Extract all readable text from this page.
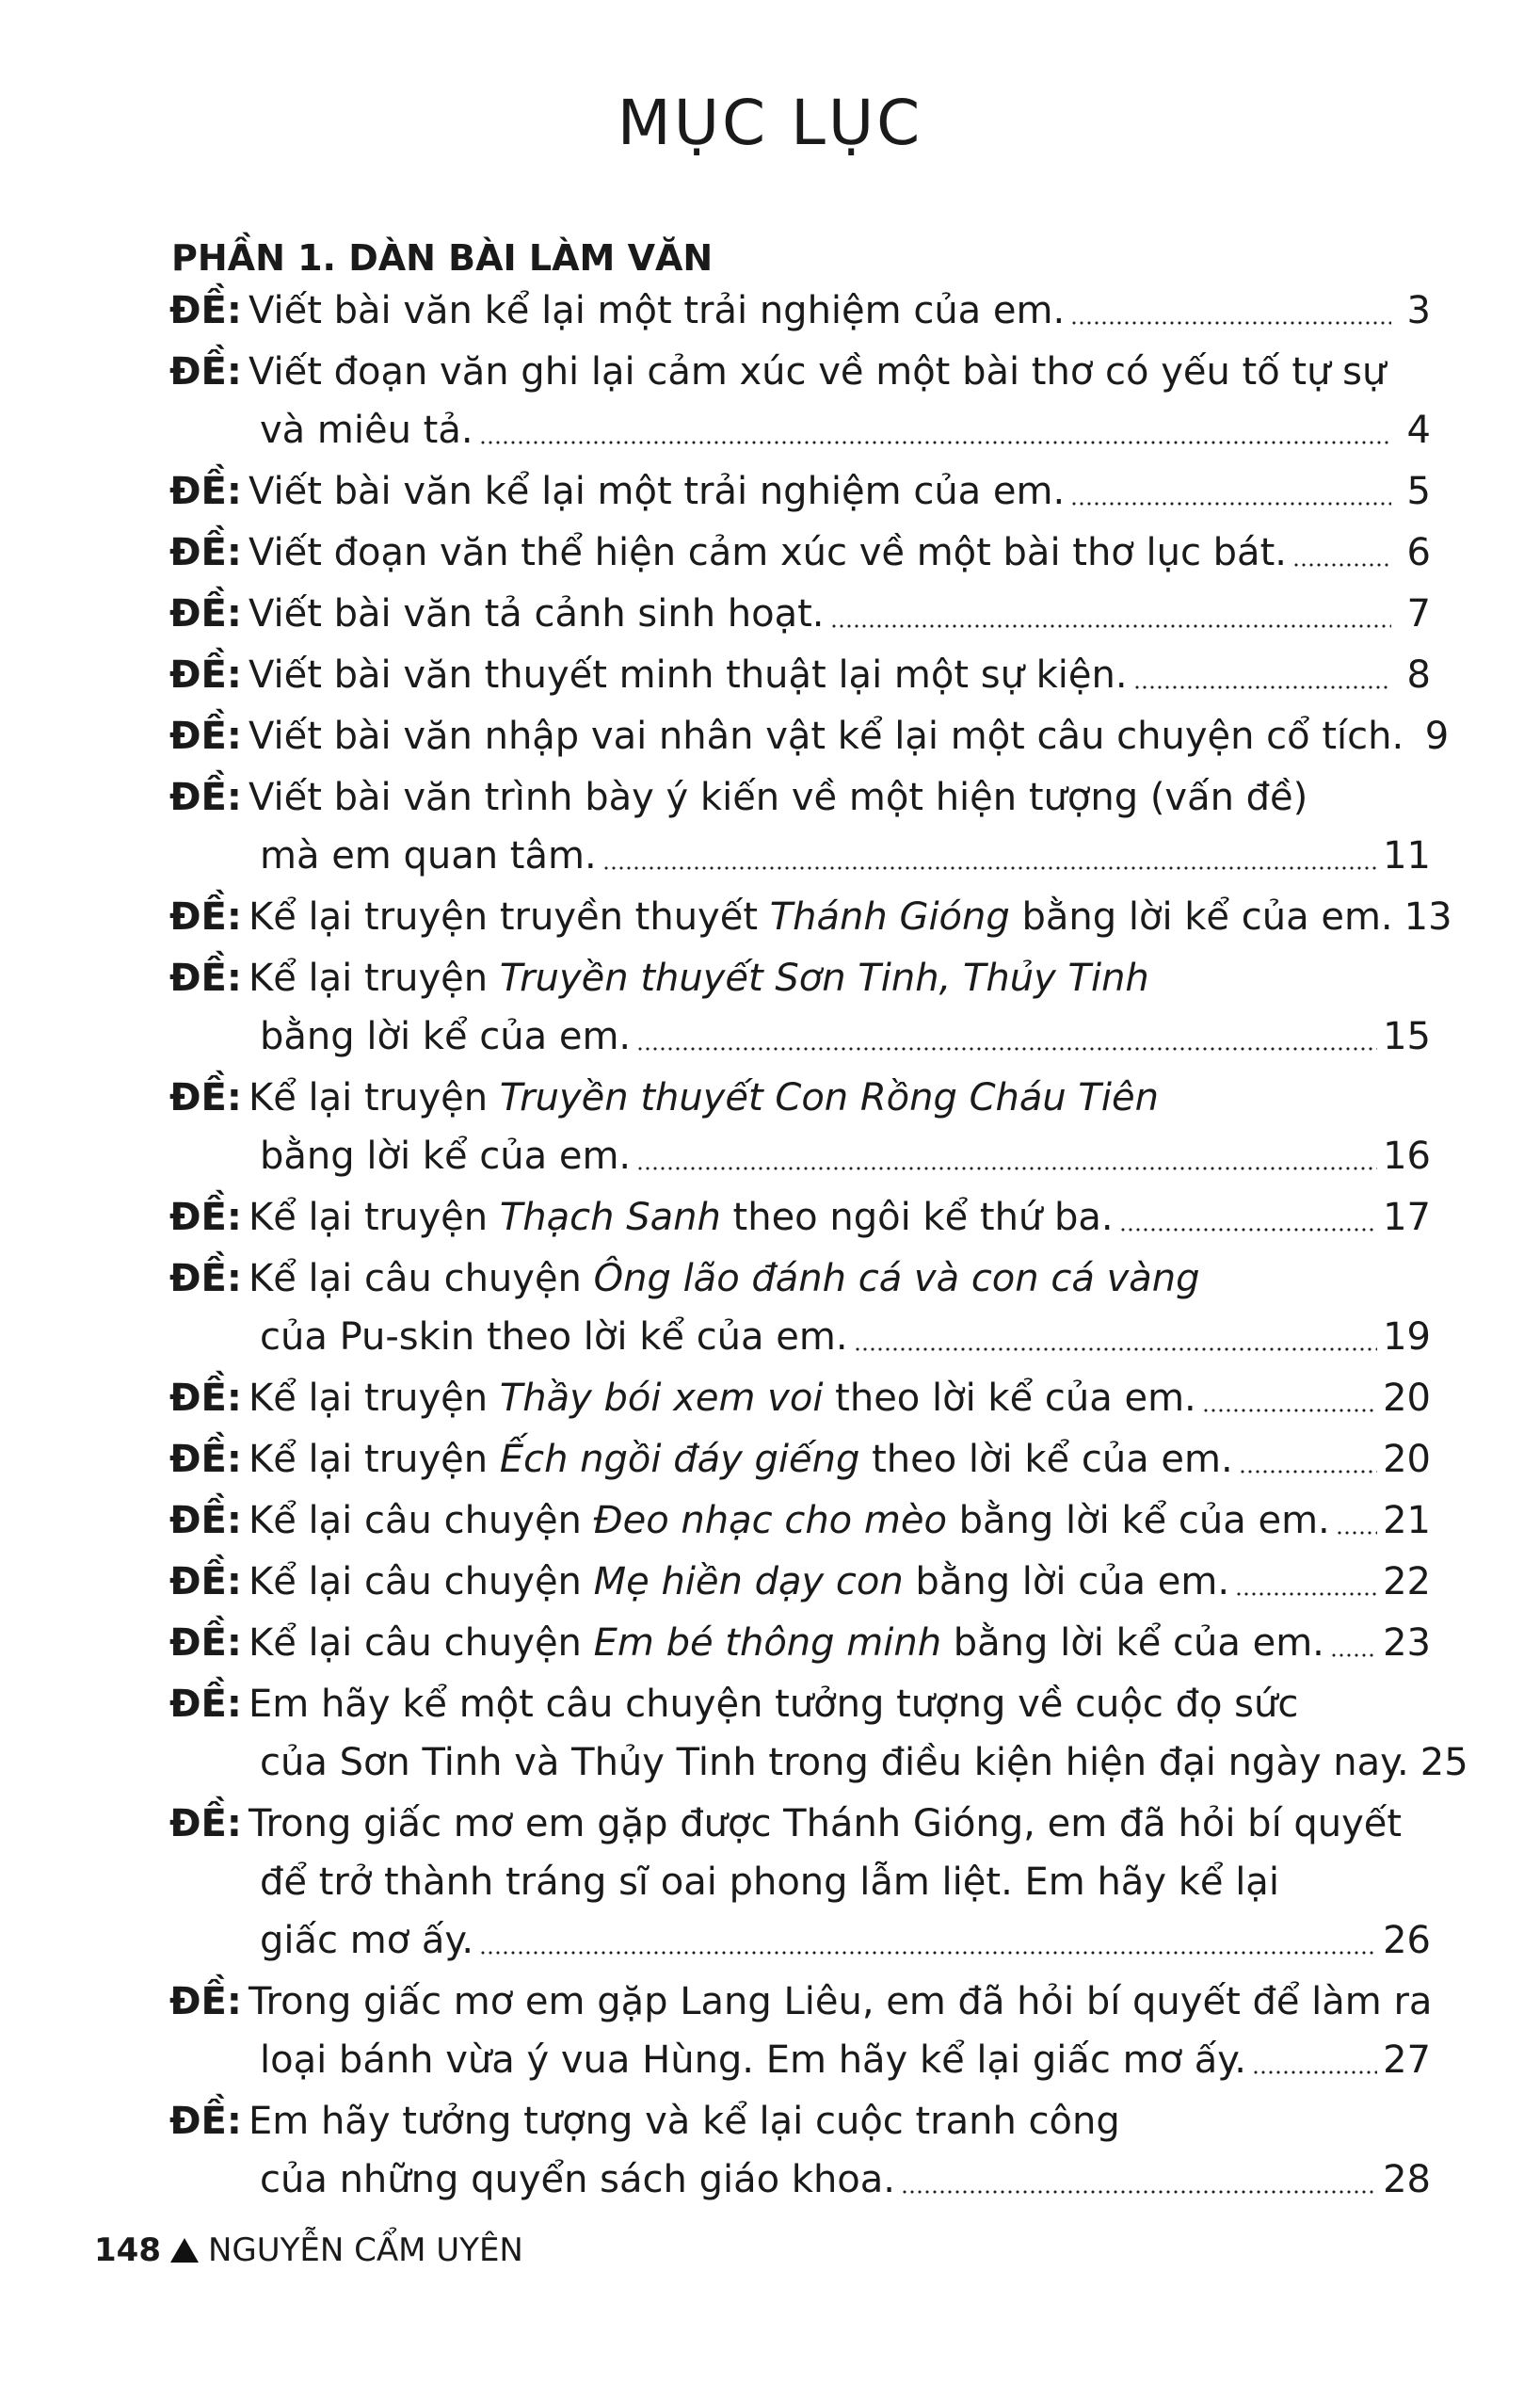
MỤC LỤC
PHẦN 1. DÀN BÀI LÀM VĂN
ĐỀ: Viết bài văn kể lại một trải nghiệm của em.	3
ĐỀ: Viết đoạn văn ghi lại cảm xúc về một bài thơ có yếu tố tự sự
và miêu tả.	4
ĐỀ: Viết bài văn kể lại một trải nghiệm của em.	5
ĐỀ: Viết đoạn văn thể hiện cảm xúc về một bài thơ lục bát.	6
ĐỀ: Viết bài văn tả cảnh sinh hoạt.	7
ĐỀ: Viết bài văn thuyết minh thuật lại một sự kiện.	8
ĐỀ: Viết bài văn nhập vai nhân vật kể lại một câu chuyện cổ tích. 9
ĐỀ: Viết bài văn trình bày ý kiến về một hiện tượng (vấn đề)
mà em quan tâm.	11
ĐỀ: Kể lại truyện truyền thuyết Thánh Gióng bằng lời kể của em. 13
ĐỀ: Kể lại truyện Truyền thuyết Sơn Tinh, Thủy Tinh
bằng lời kể của em.	15
ĐỀ: Kể lại truyện Truyền thuyết Con Rồng Cháu Tiên
bằng lời kể của em.	16
ĐỀ: Kể lại truyện Thạch Sanh theo ngôi kể thứ ba.	17
ĐỀ: Kể lại câu chuyện Ông lão đánh cá và con cá vàng
của Pu-skin theo lời kể của em.	19
ĐỀ: Kể lại truyện Thầy bói xem voi theo lời kể của em.	20
ĐỀ: Kể lại truyện Ếch ngồi đáy giếng theo lời kể của em.	20
ĐỀ: Kể lại câu chuyện Đeo nhạc cho mèo bằng lời kể của em. 21
ĐỀ: Kể lại câu chuyện Mẹ hiền dạy con bằng lời của em.	22
ĐỀ: Kể lại câu chuyện Em bé thông minh bằng lời kể của em. 23
ĐỀ: Em hãy kể một câu chuyện tưởng tượng về cuộc đọ sức
của Sơn Tinh và Thủy Tinh trong điều kiện hiện đại ngày nay. 25
ĐỀ: Trong giấc mơ em gặp được Thánh Gióng, em đã hỏi bí quyết
để trở thành tráng sĩ oai phong lẫm liệt. Em hãy kể lại
giấc mơ ấy.	26
ĐỀ: Trong giấc mơ em gặp Lang Liêu, em đã hỏi bí quyết để làm ra
loại bánh vừa ý vua Hùng. Em hãy kể lại giấc mơ ấy.	27
ĐỀ: Em hãy tưởng tượng và kể lại cuộc tranh công
của những quyển sách giáo khoa.	28
148 NGUYỄN CẨM UYÊN
